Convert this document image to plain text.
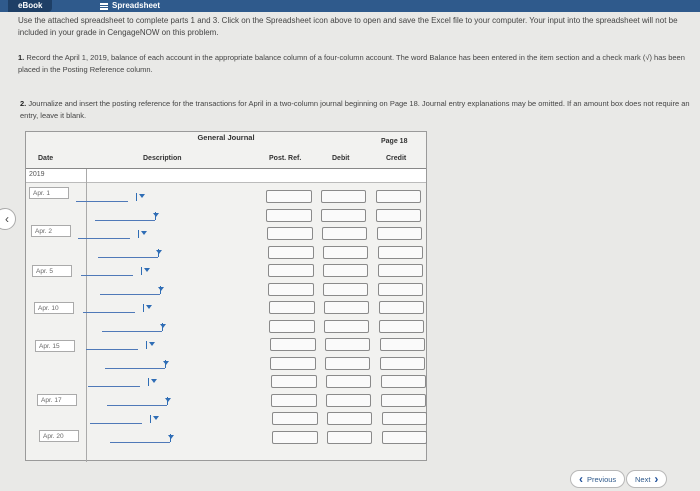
eBook	Spreadsheet
Use the attached spreadsheet to complete parts 1 and 3. Click on the Spreadsheet icon above to open and save the Excel file to your computer. Your input into the spreadsheet will not be included in your grade in CengageNOW on this problem.
1. Record the April 1, 2019, balance of each account in the appropriate balance column of a four-column account. The word Balance has been entered in the item section and a check mark (√) has been placed in the Posting Reference column.
2. Journalize and insert the posting reference for the transactions for April in a two-column journal beginning on Page 18. Journal entry explanations may be omitted. If an amount box does not require an entry, leave it blank.
‹
General Journal	Page 18
Date	Description	Post. Ref.	Debit	Credit
2019
Apr. 1
Apr. 2
Apr. 5
Apr. 10
Apr. 15
Apr. 17
Apr. 20
‹ Previous	Next ›
